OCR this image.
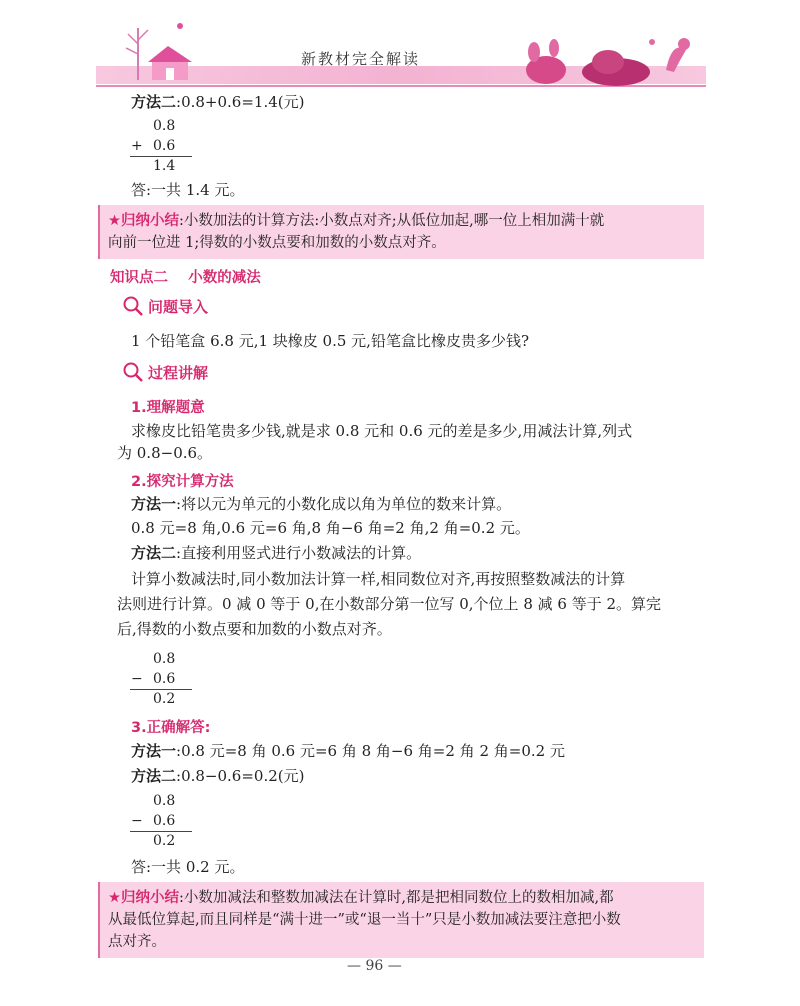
新教材完全解读
方法二:0.8+0.6=1.4(元)
0.8
+ 0.6
1.4
答:一共 1.4 元。
★归纳小结:小数加法的计算方法:小数点对齐;从低位加起,哪一位上相加满十就
向前一位进 1;得数的小数点要和加数的小数点对齐。
知识点二    小数的减法
问题导入
1 个铅笔盒 6.8 元,1 块橡皮 0.5 元,铅笔盒比橡皮贵多少钱?
过程讲解
1.理解题意
求橡皮比铅笔贵多少钱,就是求 0.8 元和 0.6 元的差是多少,用减法计算,列式
为 0.8−0.6。
2.探究计算方法
方法一:将以元为单元的小数化成以角为单位的数来计算。
0.8 元=8 角,0.6 元=6 角,8 角−6 角=2 角,2 角=0.2 元。
方法二:直接利用竖式进行小数减法的计算。
计算小数减法时,同小数加法计算一样,相同数位对齐,再按照整数减法的计算
法则进行计算。0 减 0 等于 0,在小数部分第一位写 0,个位上 8 减 6 等于 2。算完
后,得数的小数点要和加数的小数点对齐。
0.8
− 0.6
0.2
3.正确解答:
方法一:0.8 元=8 角 0.6 元=6 角 8 角−6 角=2 角 2 角=0.2 元
方法二:0.8−0.6=0.2(元)
0.8
− 0.6
0.2
答:一共 0.2 元。
★归纳小结:小数加减法和整数加减法在计算时,都是把相同数位上的数相加减,都
从最低位算起,而且同样是“满十进一”或“退一当十”只是小数加减法要注意把小数
点对齐。
— 96 —
